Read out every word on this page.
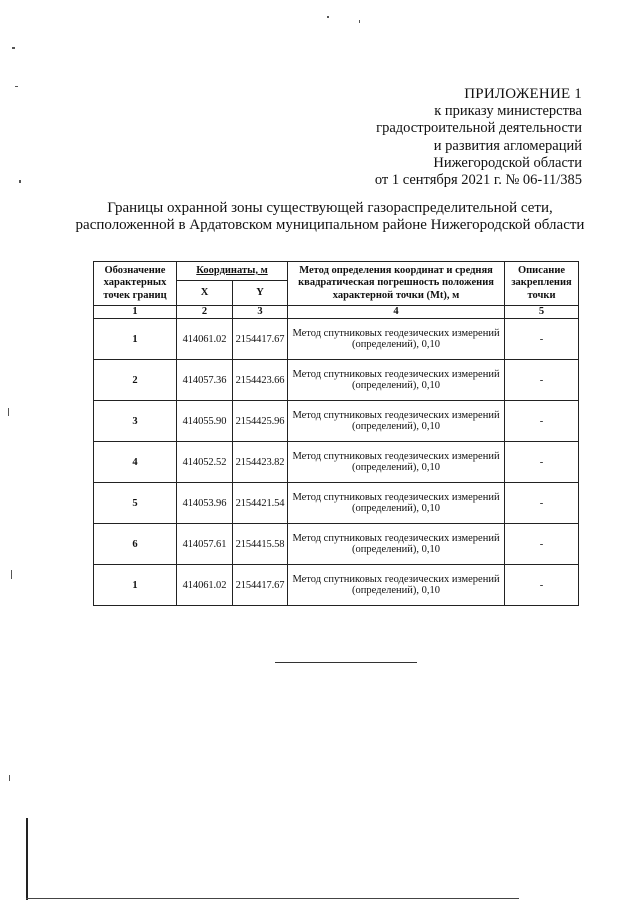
ПРИЛОЖЕНИЕ 1
к приказу министерства
градостроительной деятельности
и развития агломераций
Нижегородской области
от 1 сентября 2021 г. № 06-11/385
Границы охранной зоны существующей газораспределительной сети,
расположенной в Ардатовском муниципальном районе Нижегородской области
Обозначение характерных точек границ	Координаты, м		Метод определения координат и средняя квадратическая погрешность положения характерной точки (Mt), м	Описание закрепления точки
	X	Y		
1	2	3	4	5
1	414061.02	2154417.67	Метод спутниковых геодезических измерений (определений), 0,10	-
2	414057.36	2154423.66	Метод спутниковых геодезических измерений (определений), 0,10	-
3	414055.90	2154425.96	Метод спутниковых геодезических измерений (определений), 0,10	-
4	414052.52	2154423.82	Метод спутниковых геодезических измерений (определений), 0,10	-
5	414053.96	2154421.54	Метод спутниковых геодезических измерений (определений), 0,10	-
6	414057.61	2154415.58	Метод спутниковых геодезических измерений (определений), 0,10	-
1	414061.02	2154417.67	Метод спутниковых геодезических измерений (определений), 0,10	-
